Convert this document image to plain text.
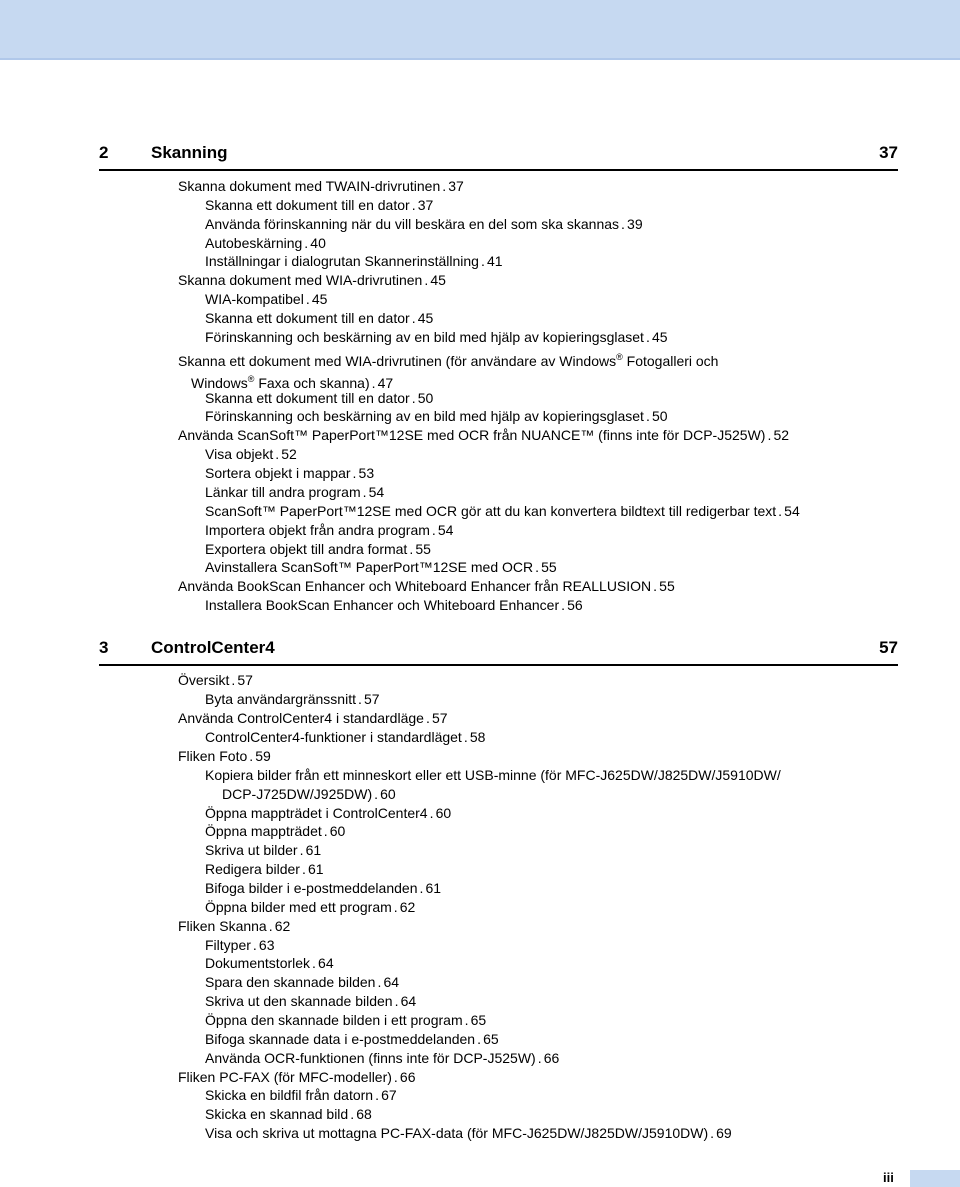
2	Skanning	37
Skanna dokument med TWAIN-drivrutinen ..... 37
Skanna ett dokument till en dator ..... 37
Använda förinskanning när du vill beskära en del som ska skannas ..... 39
Autobeskärning ..... 40
Inställningar i dialogrutan Skannerinställning ..... 41
Skanna dokument med WIA-drivrutinen ..... 45
WIA-kompatibel ..... 45
Skanna ett dokument till en dator ..... 45
Förinskanning och beskärning av en bild med hjälp av kopieringsglaset ..... 45
Skanna ett dokument med WIA-drivrutinen (för användare av Windows® Fotogalleri och
Windows® Faxa och skanna) ..... 47
Skanna ett dokument till en dator ..... 50
Förinskanning och beskärning av en bild med hjälp av kopieringsglaset ..... 50
Använda ScanSoft™ PaperPort™12SE med OCR från NUANCE™ (finns inte för DCP-J525W) ..... 52
Visa objekt ..... 52
Sortera objekt i mappar ..... 53
Länkar till andra program ..... 54
ScanSoft™ PaperPort™12SE med OCR gör att du kan konvertera bildtext till redigerbar text ..... 54
Importera objekt från andra program ..... 54
Exportera objekt till andra format ..... 55
Avinstallera ScanSoft™ PaperPort™12SE med OCR ..... 55
Använda BookScan Enhancer och Whiteboard Enhancer från REALLUSION ..... 55
Installera BookScan Enhancer och Whiteboard Enhancer ..... 56
3	ControlCenter4	57
Översikt ..... 57
Byta användargränssnitt ..... 57
Använda ControlCenter4 i standardläge ..... 57
ControlCenter4-funktioner i standardläget ..... 58
Fliken Foto ..... 59
Kopiera bilder från ett minneskort eller ett USB-minne (för MFC-J625DW/J825DW/J5910DW/
DCP-J725DW/J925DW) ..... 60
Öppna mappträdet i ControlCenter4 ..... 60
Öppna mappträdet ..... 60
Skriva ut bilder ..... 61
Redigera bilder ..... 61
Bifoga bilder i e-postmeddelanden ..... 61
Öppna bilder med ett program ..... 62
Fliken Skanna ..... 62
Filtyper ..... 63
Dokumentstorlek ..... 64
Spara den skannade bilden ..... 64
Skriva ut den skannade bilden ..... 64
Öppna den skannade bilden i ett program ..... 65
Bifoga skannade data i e-postmeddelanden ..... 65
Använda OCR-funktionen (finns inte för DCP-J525W) ..... 66
Fliken PC-FAX (för MFC-modeller) ..... 66
Skicka en bildfil från datorn ..... 67
Skicka en skannad bild ..... 68
Visa och skriva ut mottagna PC-FAX-data (för MFC-J625DW/J825DW/J5910DW) ..... 69
iii
